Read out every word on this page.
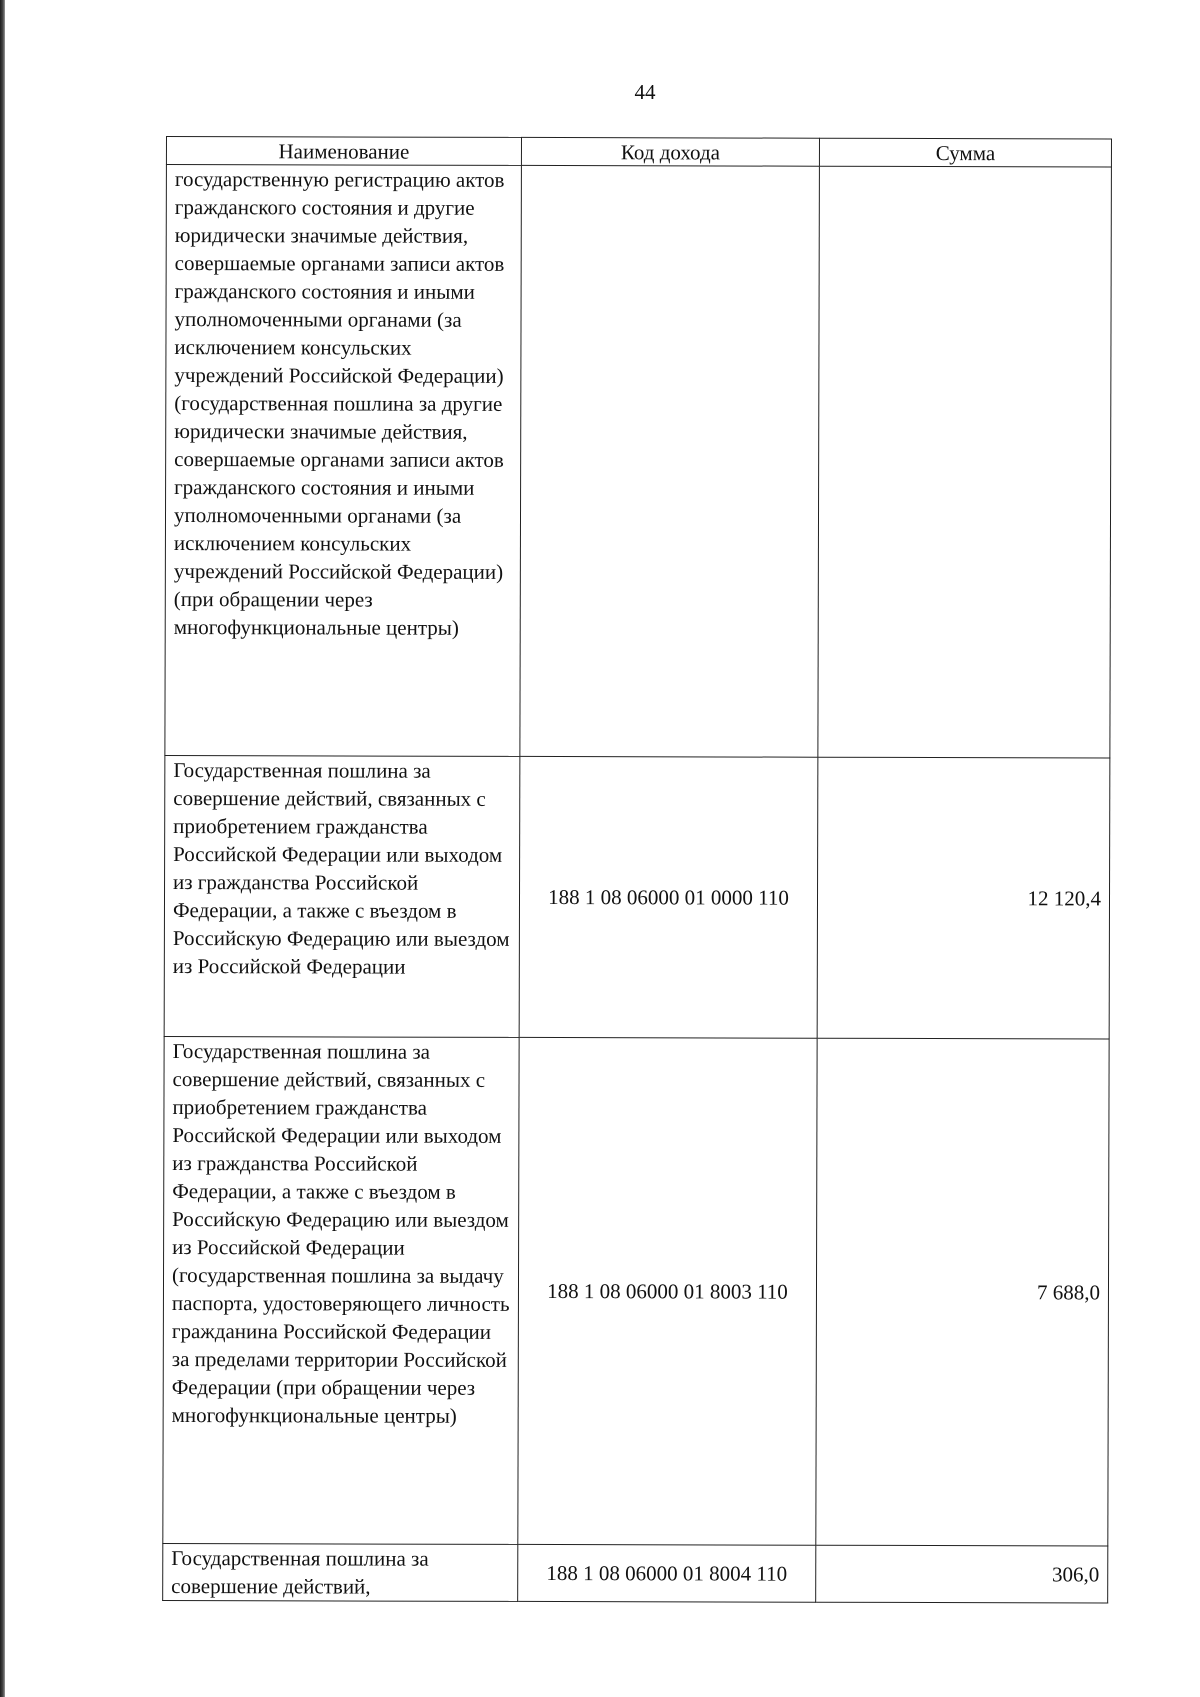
44
Наименование	Код дохода	Сумма
государственную регистрацию актов гражданского состояния и другие юридически значимые действия, совершаемые органами записи актов гражданского состояния и иными уполномоченными органами (за исключением консульских учреждений Российской Федерации) (государственная пошлина за другие юридически значимые действия, совершаемые органами записи актов гражданского состояния и иными уполномоченными органами (за исключением консульских учреждений Российской Федерации) (при обращении через многофункциональные центры)		
Государственная пошлина за совершение действий, связанных с приобретением гражданства Российской Федерации или выходом из гражданства Российской Федерации, а также с въездом в Российскую Федерацию или выездом из Российской Федерации	188 1 08 06000 01 0000 110	12 120,4
Государственная пошлина за совершение действий, связанных с приобретением гражданства Российской Федерации или выходом из гражданства Российской Федерации, а также с въездом в Российскую Федерацию или выездом из Российской Федерации (государственная пошлина за выдачу паспорта, удостоверяющего личность гражданина Российской Федерации за пределами территории Российской Федерации (при обращении через многофункциональные центры)	188 1 08 06000 01 8003 110	7 688,0
Государственная пошлина за совершение действий,	188 1 08 06000 01 8004 110	306,0
